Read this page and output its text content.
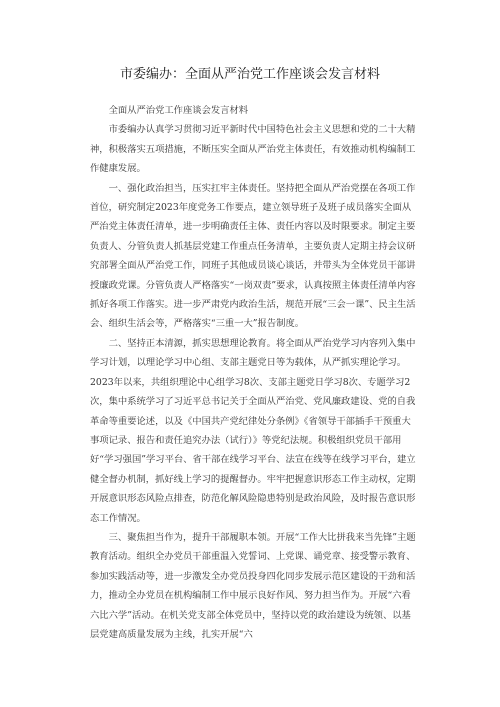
市委编办：全面从严治党工作座谈会发言材料

全面从严治党工作座谈会发言材料

市委编办认真学习贯彻习近平新时代中国特色社会主义思想和党的二十大精神，积极落实五项措施，不断压实全面从严治党主体责任，有效推动机构编制工作健康发展。

一、强化政治担当，压实扛牢主体责任。坚持把全面从严治党摆在各项工作首位，研究制定2023年度党务工作要点，建立领导班子及班子成员落实全面从严治党主体责任清单，进一步明确责任主体、责任内容以及时限要求。制定主要负责人、分管负责人抓基层党建工作重点任务清单，主要负责人定期主持会议研究部署全面从严治党工作，同班子其他成员谈心谈话，并带头为全体党员干部讲授廉政党课。分管负责人严格落实“一岗双责”要求，认真按照主体责任清单内容抓好各项工作落实。进一步严肃党内政治生活，规范开展“三会一课”、民主生活会、组织生活会等，严格落实“三重一大”报告制度。

二、坚持正本清源，抓实思想理论教育。将全面从严治党学习内容列入集中学习计划，以理论学习中心组、支部主题党日等为载体，从严抓实理论学习。2023年以来，共组织理论中心组学习8次、支部主题党日学习8次、专题学习2次，集中系统学习了习近平总书记关于全面从严治党、党风廉政建设、党的自我革命等重要论述，以及《中国共产党纪律处分条例》《省领导干部插手干预重大事项记录、报告和责任追究办法（试行）》等党纪法规。积极组织党员干部用好“学习强国”学习平台、省干部在线学习平台、法宣在线等在线学习平台，建立健全督办机制，抓好线上学习的提醒督办。牢牢把握意识形态工作主动权，定期开展意识形态风险点排查，防范化解风险隐患特别是政治风险，及时报告意识形态工作情况。

三、聚焦担当作为，提升干部履职本领。开展“工作大比拼我来当先锋”主题教育活动。组织全办党员干部重温入党誓词、上党课、诵党章、接受警示教育、参加实践活动等，进一步激发全办党员投身四化同步发展示范区建设的干劲和活力，推动全办党员在机构编制工作中展示良好作风、努力担当作为。开展“六看六比六学”活动。在机关党支部全体党员中，坚持以党的政治建设为统领、以基层党建高质量发展为主线，扎实开展“六
